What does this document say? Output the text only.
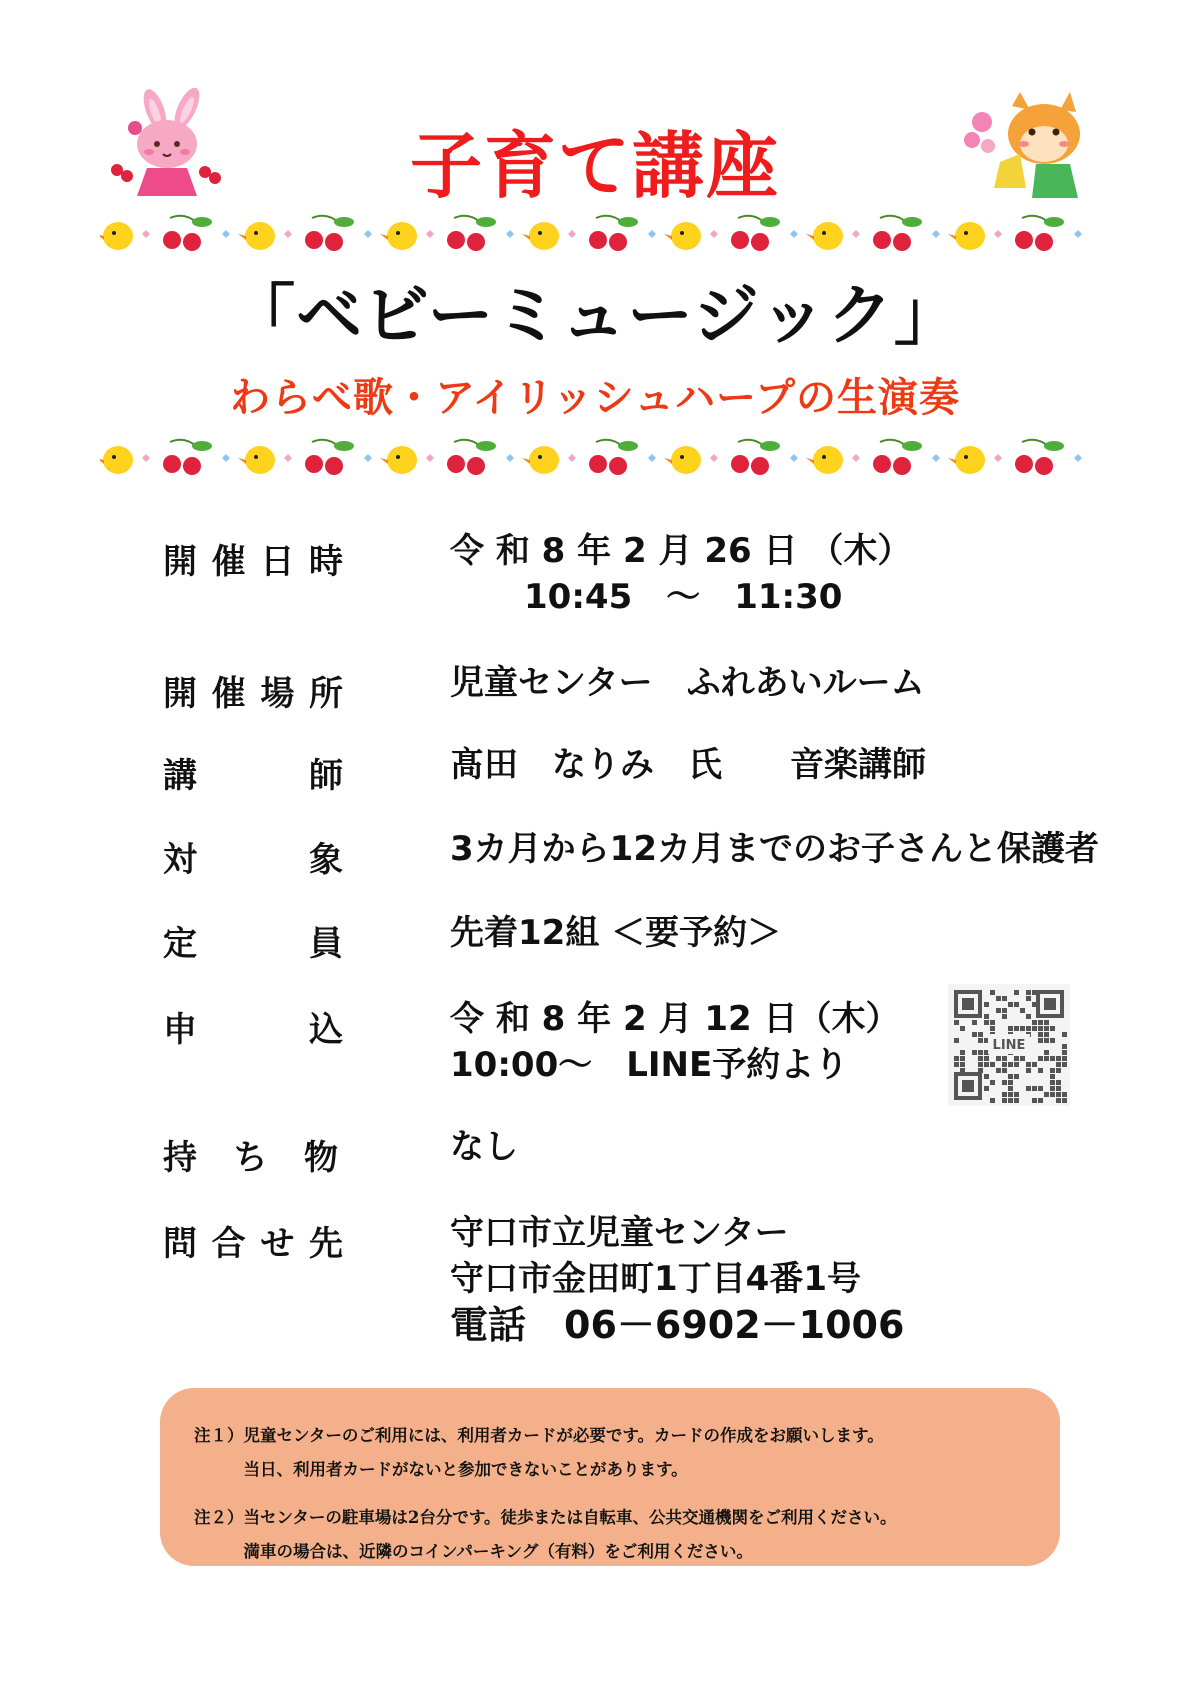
子育て講座
「ベビーミュージック」
わらべ歌・アイリッシュハープの生演奏
開 催 日 時	令 和 8 年 2 月 26 日 （木）
10:45　～　11:30
開 催 場 所	児童センター　ふれあいルーム
講	師	髙田　なりみ　氏　　音楽講師
対	象	3カ月から12カ月までのお子さんと保護者
定	員	先着12組 ＜要予約＞
申	込	令 和 8 年 2 月 12 日（木）
10:00～　LINE予約より	LINE
持 ち 物	なし
問 合 せ 先	守口市立児童センター
守口市金田町1丁目4番1号
電話　06－6902－1006
注１）児童センターのご利用には、利用者カードが必要です。カードの作成をお願いします。
　　　当日、利用者カードがないと参加できないことがあります。
注２）当センターの駐車場は2台分です。徒歩または自転車、公共交通機関をご利用ください。
　　　満車の場合は、近隣のコインパーキング（有料）をご利用ください。
